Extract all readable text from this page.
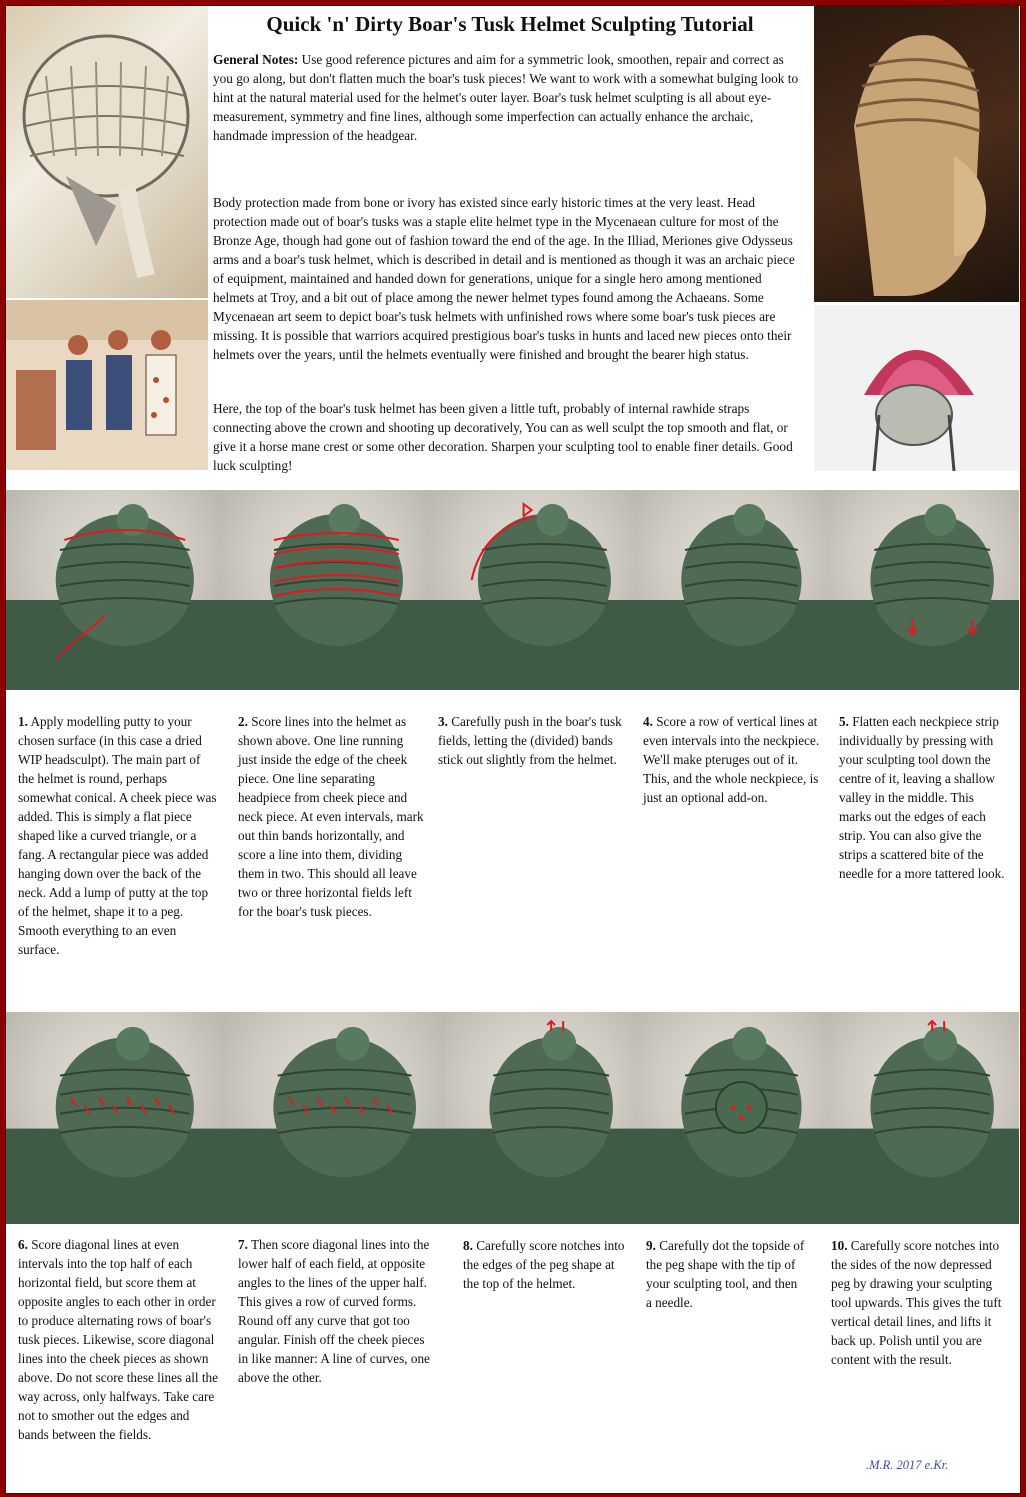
Quick 'n' Dirty Boar's Tusk Helmet Sculpting Tutorial
General Notes: Use good reference pictures and aim for a symmetric look, smoothen, repair and correct as you go along, but don't flatten much the boar's tusk pieces! We want to work with a somewhat bulging look to hint at the natural material used for the helmet's outer layer. Boar's tusk helmet sculpting is all about eye-measurement, symmetry and fine lines, although some imperfection can actually enhance the archaic, handmade impression of the headgear.
Body protection made from bone or ivory has existed since early historic times at the very least. Head protection made out of boar's tusks was a staple elite helmet type in the Mycenaean culture for most of the Bronze Age, though had gone out of fashion toward the end of the age. In the Illiad, Meriones give Odysseus arms and a boar's tusk helmet, which is described in detail and is mentioned as though it was an archaic piece of equipment, maintained and handed down for generations, unique for a single hero among mentioned helmets at Troy, and a bit out of place among the newer helmet types found among the Achaeans. Some Mycenaean art seem to depict boar's tusk helmets with unfinished rows where some boar's tusk pieces are missing. It is possible that warriors acquired prestigious boar's tusks in hunts and laced new pieces onto their helmets over the years, until the helmets eventually were finished and brought the bearer high status.
Here, the top of the boar's tusk helmet has been given a little tuft, probably of internal rawhide straps connecting above the crown and shooting up decoratively, You can as well sculpt the top smooth and flat, or give it a horse mane crest or some other decoration. Sharpen your sculpting tool to enable finer details. Good luck sculpting!
1. Apply modelling putty to your chosen surface (in this case a dried WIP headsculpt). The main part of the helmet is round, perhaps somewhat conical. A cheek piece was added. This is simply a flat piece shaped like a curved triangle, or a fang. A rectangular piece was added hanging down over the back of the neck. Add a lump of putty at the top of the helmet, shape it to a peg. Smooth everything to an even surface.
2. Score lines into the helmet as shown above. One line running just inside the edge of the cheek piece. One line separating headpiece from cheek piece and neck piece. At even intervals, mark out thin bands horizontally, and score a line into them, dividing them in two. This should all leave two or three horizontal fields left for the boar's tusk pieces.
3. Carefully push in the boar's tusk fields, letting the (divided) bands stick out slightly from the helmet.
4. Score a row of vertical lines at even intervals into the neckpiece. We'll make pteruges out of it. This, and the whole neckpiece, is just an optional add-on.
5. Flatten each neckpiece strip individually by pressing with your sculpting tool down the centre of it, leaving a shallow valley in the middle. This marks out the edges of each strip. You can also give the strips a scattered bite of the needle for a more tattered look.
6. Score diagonal lines at even intervals into the top half of each horizontal field, but score them at opposite angles to each other in order to produce alternating rows of boar's tusk pieces. Likewise, score diagonal lines into the cheek pieces as shown above. Do not score these lines all the way across, only halfways. Take care not to smother out the edges and bands between the fields.
7. Then score diagonal lines into the lower half of each field, at opposite angles to the lines of the upper half. This gives a row of curved forms. Round off any curve that got too angular. Finish off the cheek pieces in like manner: A line of curves, one above the other.
8. Carefully score notches into the edges of the peg shape at the top of the helmet.
9. Carefully dot the topside of the peg shape with the tip of your sculpting tool, and then a needle.
10. Carefully score notches into the sides of the now depressed peg by drawing your sculpting tool upwards. This gives the tuft vertical detail lines, and lifts it back up. Polish until you are content with the result.
.M.R. 2017 e.Kr.
